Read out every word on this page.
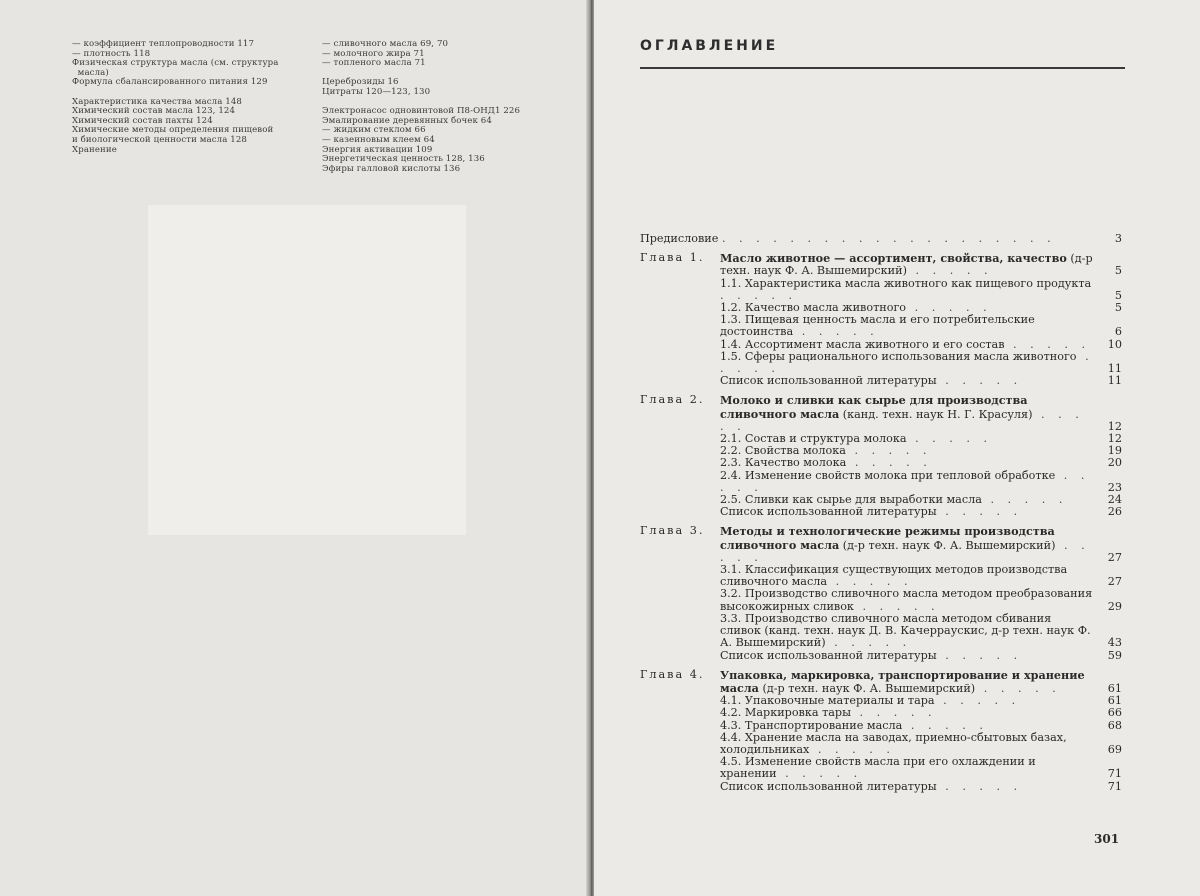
— коэффициент теплопроводности 117
— плотность 118
Физическая структура масла (см. структура
масла)
Формула сбалансированного питания 129
Характеристика качества масла 148
Химический состав масла 123, 124
Химический состав пахты 124
Химические методы определения пищевой
и биологической ценности масла 128
Хранение
— сливочного масла 69, 70
— молочного жира 71
— топленого масла 71
Цереброзиды 16
Цитраты 120—123, 130
Электронасос одновинтовой П8-ОНД1 226
Эмалирование деревянных бочек 64
— жидким стеклом 66
— казеиновым клеем 64
Энергия активации 109
Энергетическая ценность 128, 136
Эфиры галловой кислоты 136
ОГЛАВЛЕНИЕ
Предисловие . . . . . . . . . . . . . . . . . . . .	3
Глава 1.	Масло животное — ассортимент, свойства, качество (д-р техн. наук Ф. А. Вышемирский) . . . . .	5
1.1. Характеристика масла животного как пищевого продукта . . . . .	5
1.2. Качество масла животного . . . . .	5
1.3. Пищевая ценность масла и его потребительские достоинства . . . . .	6
1.4. Ассортимент масла животного и его состав . . . . .	10
1.5. Сферы рационального использования масла животного . . . . .	11
Список использованной литературы . . . . .	11
Глава 2.	Молоко и сливки как сырье для производства сливочного масла (канд. техн. наук Н. Г. Красуля) . . . . .	12
2.1. Состав и структура молока . . . . .	12
2.2. Свойства молока . . . . .	19
2.3. Качество молока . . . . .	20
2.4. Изменение свойств молока при тепловой обработке . . . . .	23
2.5. Сливки как сырье для выработки масла . . . . .	24
Список использованной литературы . . . . .	26
Глава 3.	Методы и технологические режимы производства сливочного масла (д-р техн. наук Ф. А. Вышемирский) . . . . .	27
3.1. Классификация существующих методов производства сливочного масла . . . . .	27
3.2. Производство сливочного масла методом преобразования высокожирных сливок . . . . .	29
3.3. Производство сливочного масла методом сбивания сливок (канд. техн. наук Д. В. Качерраускис, д-р техн. наук Ф. А. Вышемирский) . . . . .	43
Список использованной литературы . . . . .	59
Глава 4.	Упаковка, маркировка, транспортирование и хранение масла (д-р техн. наук Ф. А. Вышемирский) . . . . .	61
4.1. Упаковочные материалы и тара . . . . .	61
4.2. Маркировка тары . . . . .	66
4.3. Транспортирование масла . . . . .	68
4.4. Хранение масла на заводах, приемно-сбытовых базах, холодильниках . . . . .	69
4.5. Изменение свойств масла при его охлаждении и хранении . . . . .	71
Список использованной литературы . . . . .	71
301
